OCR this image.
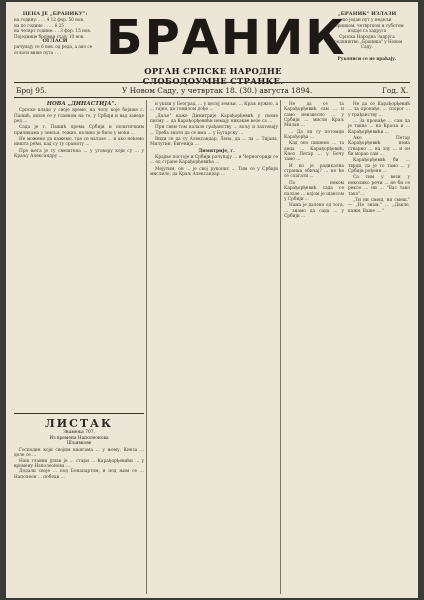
ЦЕНА ЈЕ „БРАНИКУ":
на годину: . . . 4 12 фор. 50 нов.
на по године . . . . 6 25
на четврт године: . . 3 фор. 15 нов.
Појединце бројеви стају 10 нов.
ОГЛАСИ
рачунају се 6 нов. од реда, а ако се огласи више пута . . . БРАНИК
„БРАНИК" ИЗЛАЗИ
по један пут у недељи
уторником, четвртком и суботом
издаје га задруга
Српска Народна Задруга
уредништво „Браника" у Новом Саду.
Рукописи се не враћају.
ОРГАН СРПСКЕ НАРОДНЕ СЛОБОДОУМНЕ СТРАНКЕ.
Број 95.	У Новом Саду, у четвртак 18. (30.) августа 1894.	Год. X.

НОВА „ДИНАСТИЈА".

Српске владе у своје време, на челу које бејаше г. Пашић, ишле се у главном на то, у Србији и вад заведе ред ...

Сада је г. Пашић према Србији и политичким приликама у земљи, тежио, колико је било у моћи ...

Не можемо да кажемо, где се налазе ... и ако нећемо ништа рећи, кад су ту срамоту ...

Пре њега је ту смештена ... у уговору који су ... у Краљу Александру ...

ЛИСТАК
Знамења 707.
Из времена Наполеонова
Шљивкове

Господин који својим књигама ... у њему, Кнеза ... деле се ...

Наш главни јунак је ... стари ... Карађорђевићи ... у времену Наполеонова ...

Додали своје ... под Бонапартом, и под њим се ... Наполеон ... победи ...

и ушли у Београд. ... у целој земљи, ... Краљ нужно, а ... тајно, да гомилом дође ...

„Даље" каже Димитрије Карађорђевић у своме писму ... да Карађорђевићи немају никакве везе са ...

При свем том налазе грађанству ... вољу и захтевају ... Треба знати да се има ... у Бугарску ...

Види се да су Александар, Лена, да ... ла ... Тијана, Милутин, Евгенија ...

Димитрије, г.

Крајње постоје и Србији рачунају ... и Черногорији се ... од стране Карађорђевића ...

Мејутим, он ... је свој рукопис ... Тим се у Србији мислило, да Краљ Александар ...

Не да се та Карађорђевић сам ... и само неизвесно ... у Србији ... мисли Краљ Милан ...

... Да ли су потомци Карађорђа ...

Кад оно пишемо ... та деца ... Карађорђевић, Кнез Петар ... у Бечу тамо ...

И ко је радикална странка обичај? ... не ће се слагати ...

По неком Карађорђевић сада се налазе ... којом је шансом у Србији ...

Нама је далеко од тога, ... знамо да сада ... у Србији ...

Не да се Карађорђевић ... за пронађе, ... спорог ... у грађанству ...

... За пронађе ... сам да је таква ... на Краља и ... Карађорђевићи ...

Ако Петар Карађорђевић нема стварно ... на злу ... и он би морао сам ...

Карађорђевић би ... тврди, да је то тамо ... у Србији рођени ...

Са тим у вези у неколико речи ... не би се рекло ... ни ... "Вас тако тако"...

„Ти ни смеш, ни смеш." — „Не знам." ... „Дакле, кажи, Ваше ... "
